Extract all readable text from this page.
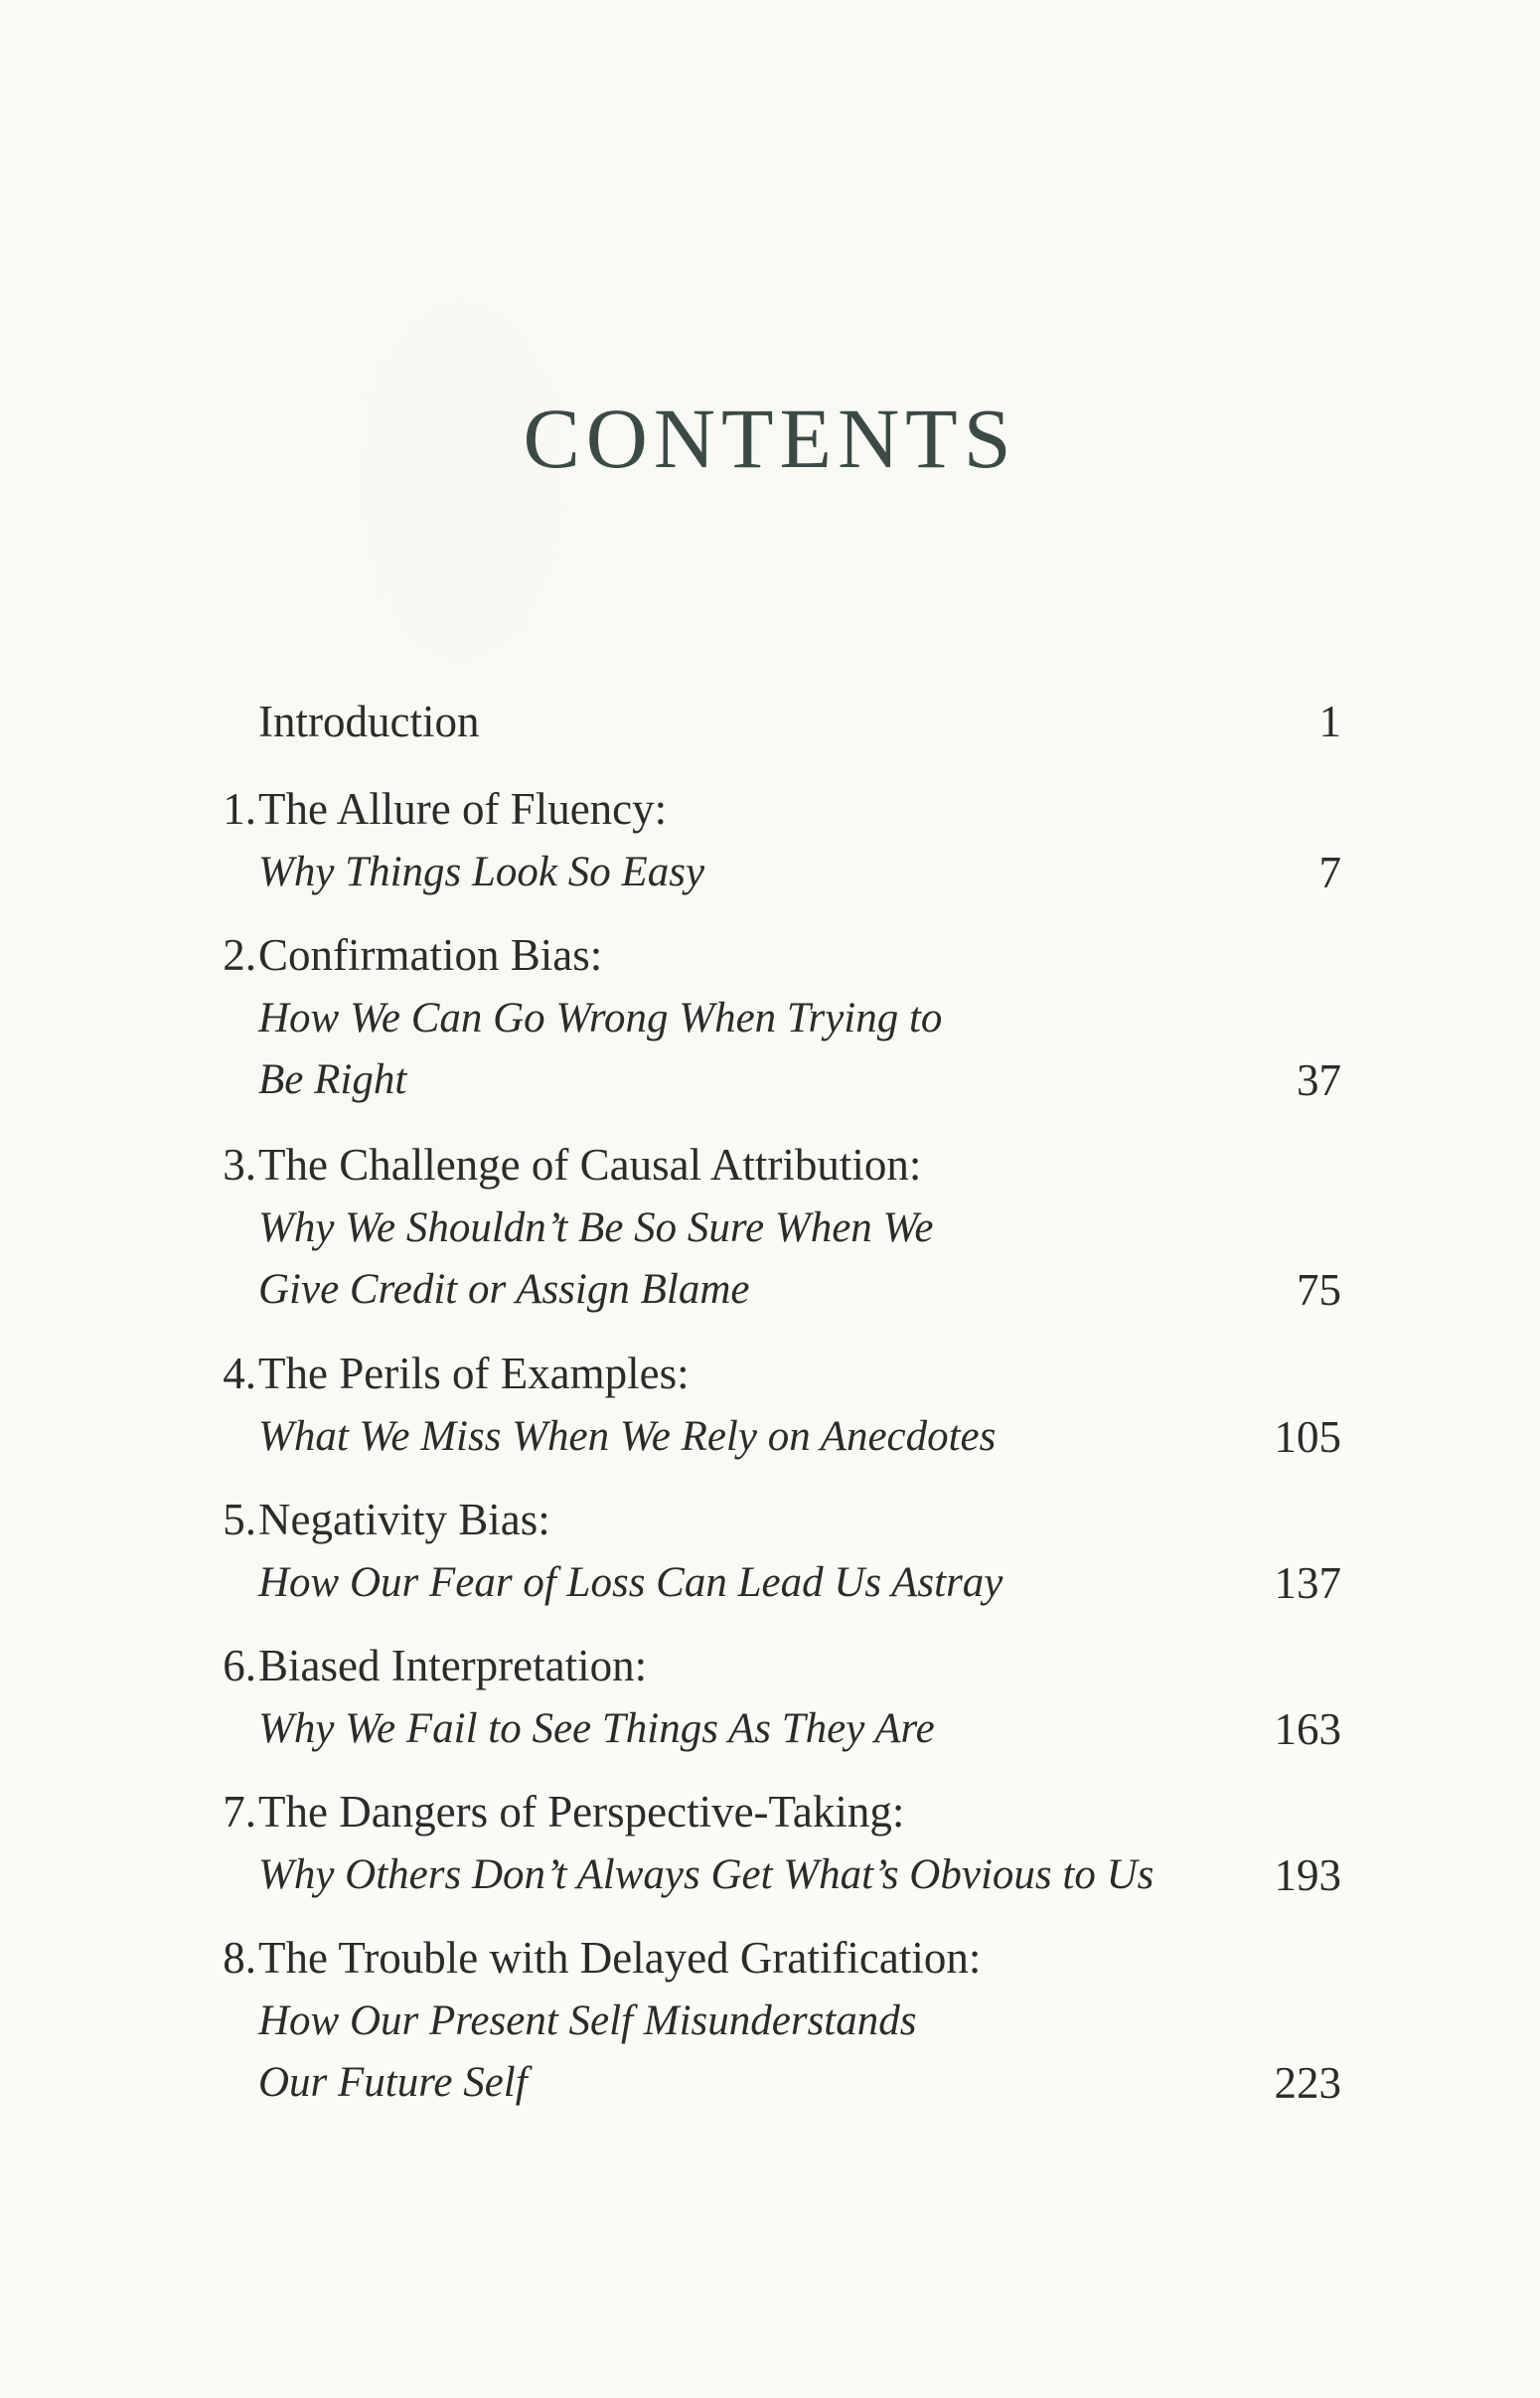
CONTENTS
Introduction	1
1. The Allure of Fluency:
Why Things Look So Easy	7
2. Confirmation Bias:
How We Can Go Wrong When Trying to
Be Right	37
3. The Challenge of Causal Attribution:
Why We Shouldn’t Be So Sure When We
Give Credit or Assign Blame	75
4. The Perils of Examples:
What We Miss When We Rely on Anecdotes	105
5. Negativity Bias:
How Our Fear of Loss Can Lead Us Astray	137
6. Biased Interpretation:
Why We Fail to See Things As They Are	163
7. The Dangers of Perspective-Taking:
Why Others Don’t Always Get What’s Obvious to Us	193
8. The Trouble with Delayed Gratification:
How Our Present Self Misunderstands
Our Future Self	223
